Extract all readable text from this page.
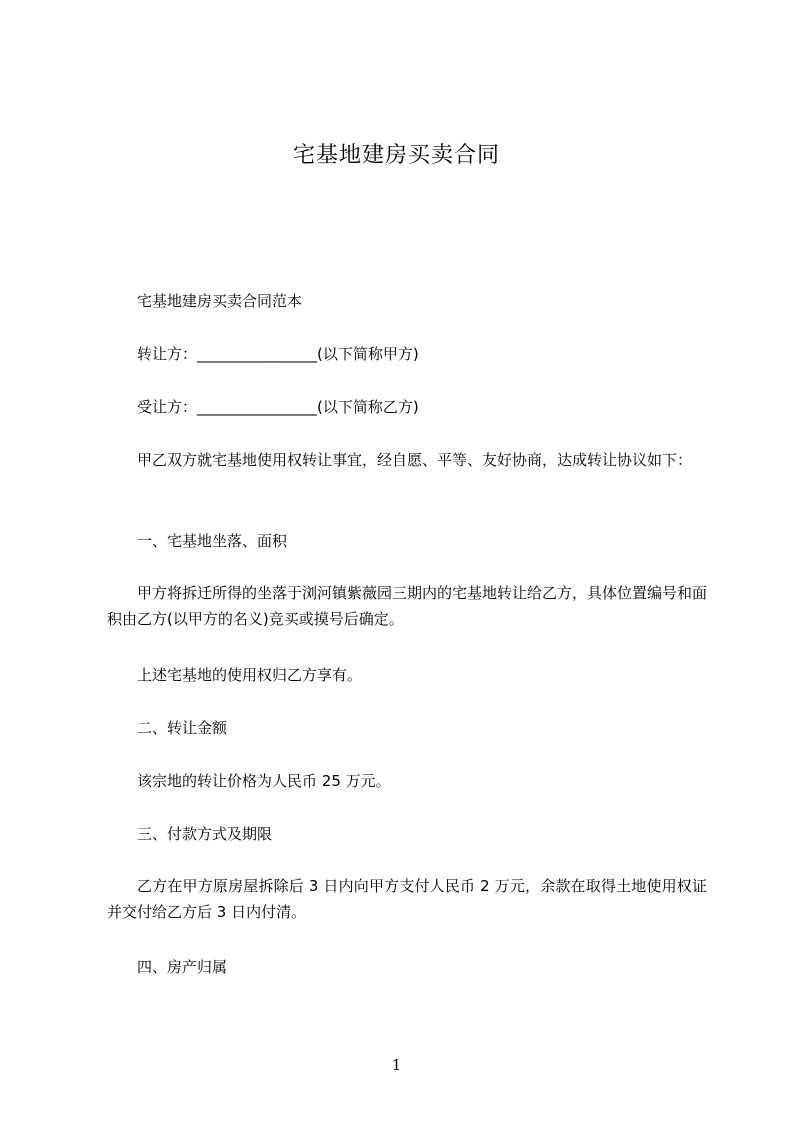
宅基地建房买卖合同
宅基地建房买卖合同范本
转让方：________________(以下简称甲方)
受让方：________________(以下简称乙方)
甲乙双方就宅基地使用权转让事宜，经自愿、平等、友好协商，达成转让协议如下：
一、宅基地坐落、面积
甲方将拆迁所得的坐落于浏河镇紫薇园三期内的宅基地转让给乙方，具体位置编号和面积由乙方(以甲方的名义)竞买或摸号后确定。
上述宅基地的使用权归乙方享有。
二、转让金额
该宗地的转让价格为人民币 25 万元。
三、付款方式及期限
乙方在甲方原房屋拆除后 3 日内向甲方支付人民币 2 万元，余款在取得土地使用权证并交付给乙方后 3 日内付清。
四、房产归属
1
